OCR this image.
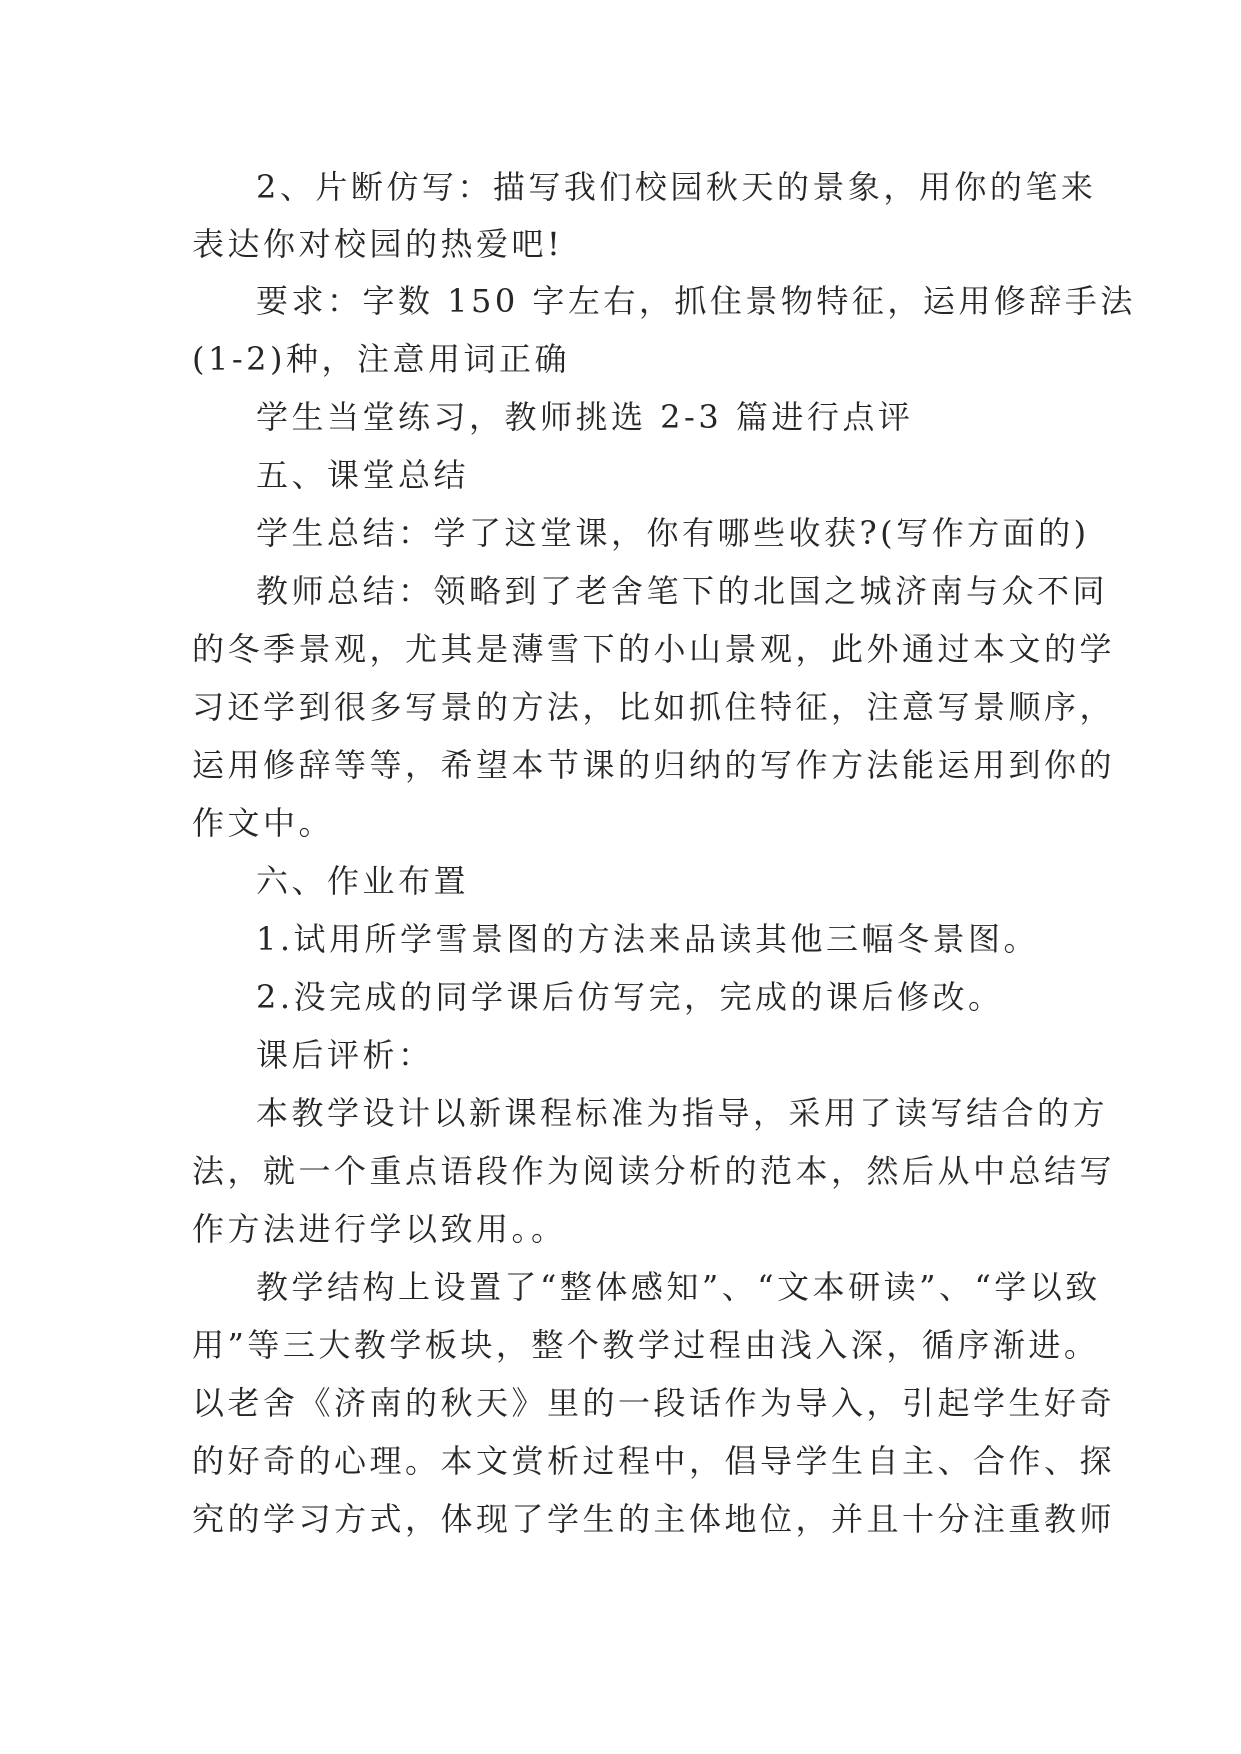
2、片断仿写：描写我们校园秋天的景象，用你的笔来
表达你对校园的热爱吧!
要求：字数 150 字左右，抓住景物特征，运用修辞手法
(1-2)种，注意用词正确
学生当堂练习，教师挑选 2-3 篇进行点评
五、课堂总结
学生总结：学了这堂课，你有哪些收获?(写作方面的)
教师总结：领略到了老舍笔下的北国之城济南与众不同
的冬季景观，尤其是薄雪下的小山景观，此外通过本文的学
习还学到很多写景的方法，比如抓住特征，注意写景顺序，
运用修辞等等，希望本节课的归纳的写作方法能运用到你的
作文中。
六、作业布置
1.试用所学雪景图的方法来品读其他三幅冬景图。
2.没完成的同学课后仿写完，完成的课后修改。
课后评析：
本教学设计以新课程标准为指导，采用了读写结合的方
法，就一个重点语段作为阅读分析的范本，然后从中总结写
作方法进行学以致用。。
教学结构上设置了“整体感知”、“文本研读”、“学以致
用”等三大教学板块，整个教学过程由浅入深，循序渐进。
以老舍《济南的秋天》里的一段话作为导入，引起学生好奇
的好奇的心理。本文赏析过程中，倡导学生自主、合作、探
究的学习方式，体现了学生的主体地位，并且十分注重教师
